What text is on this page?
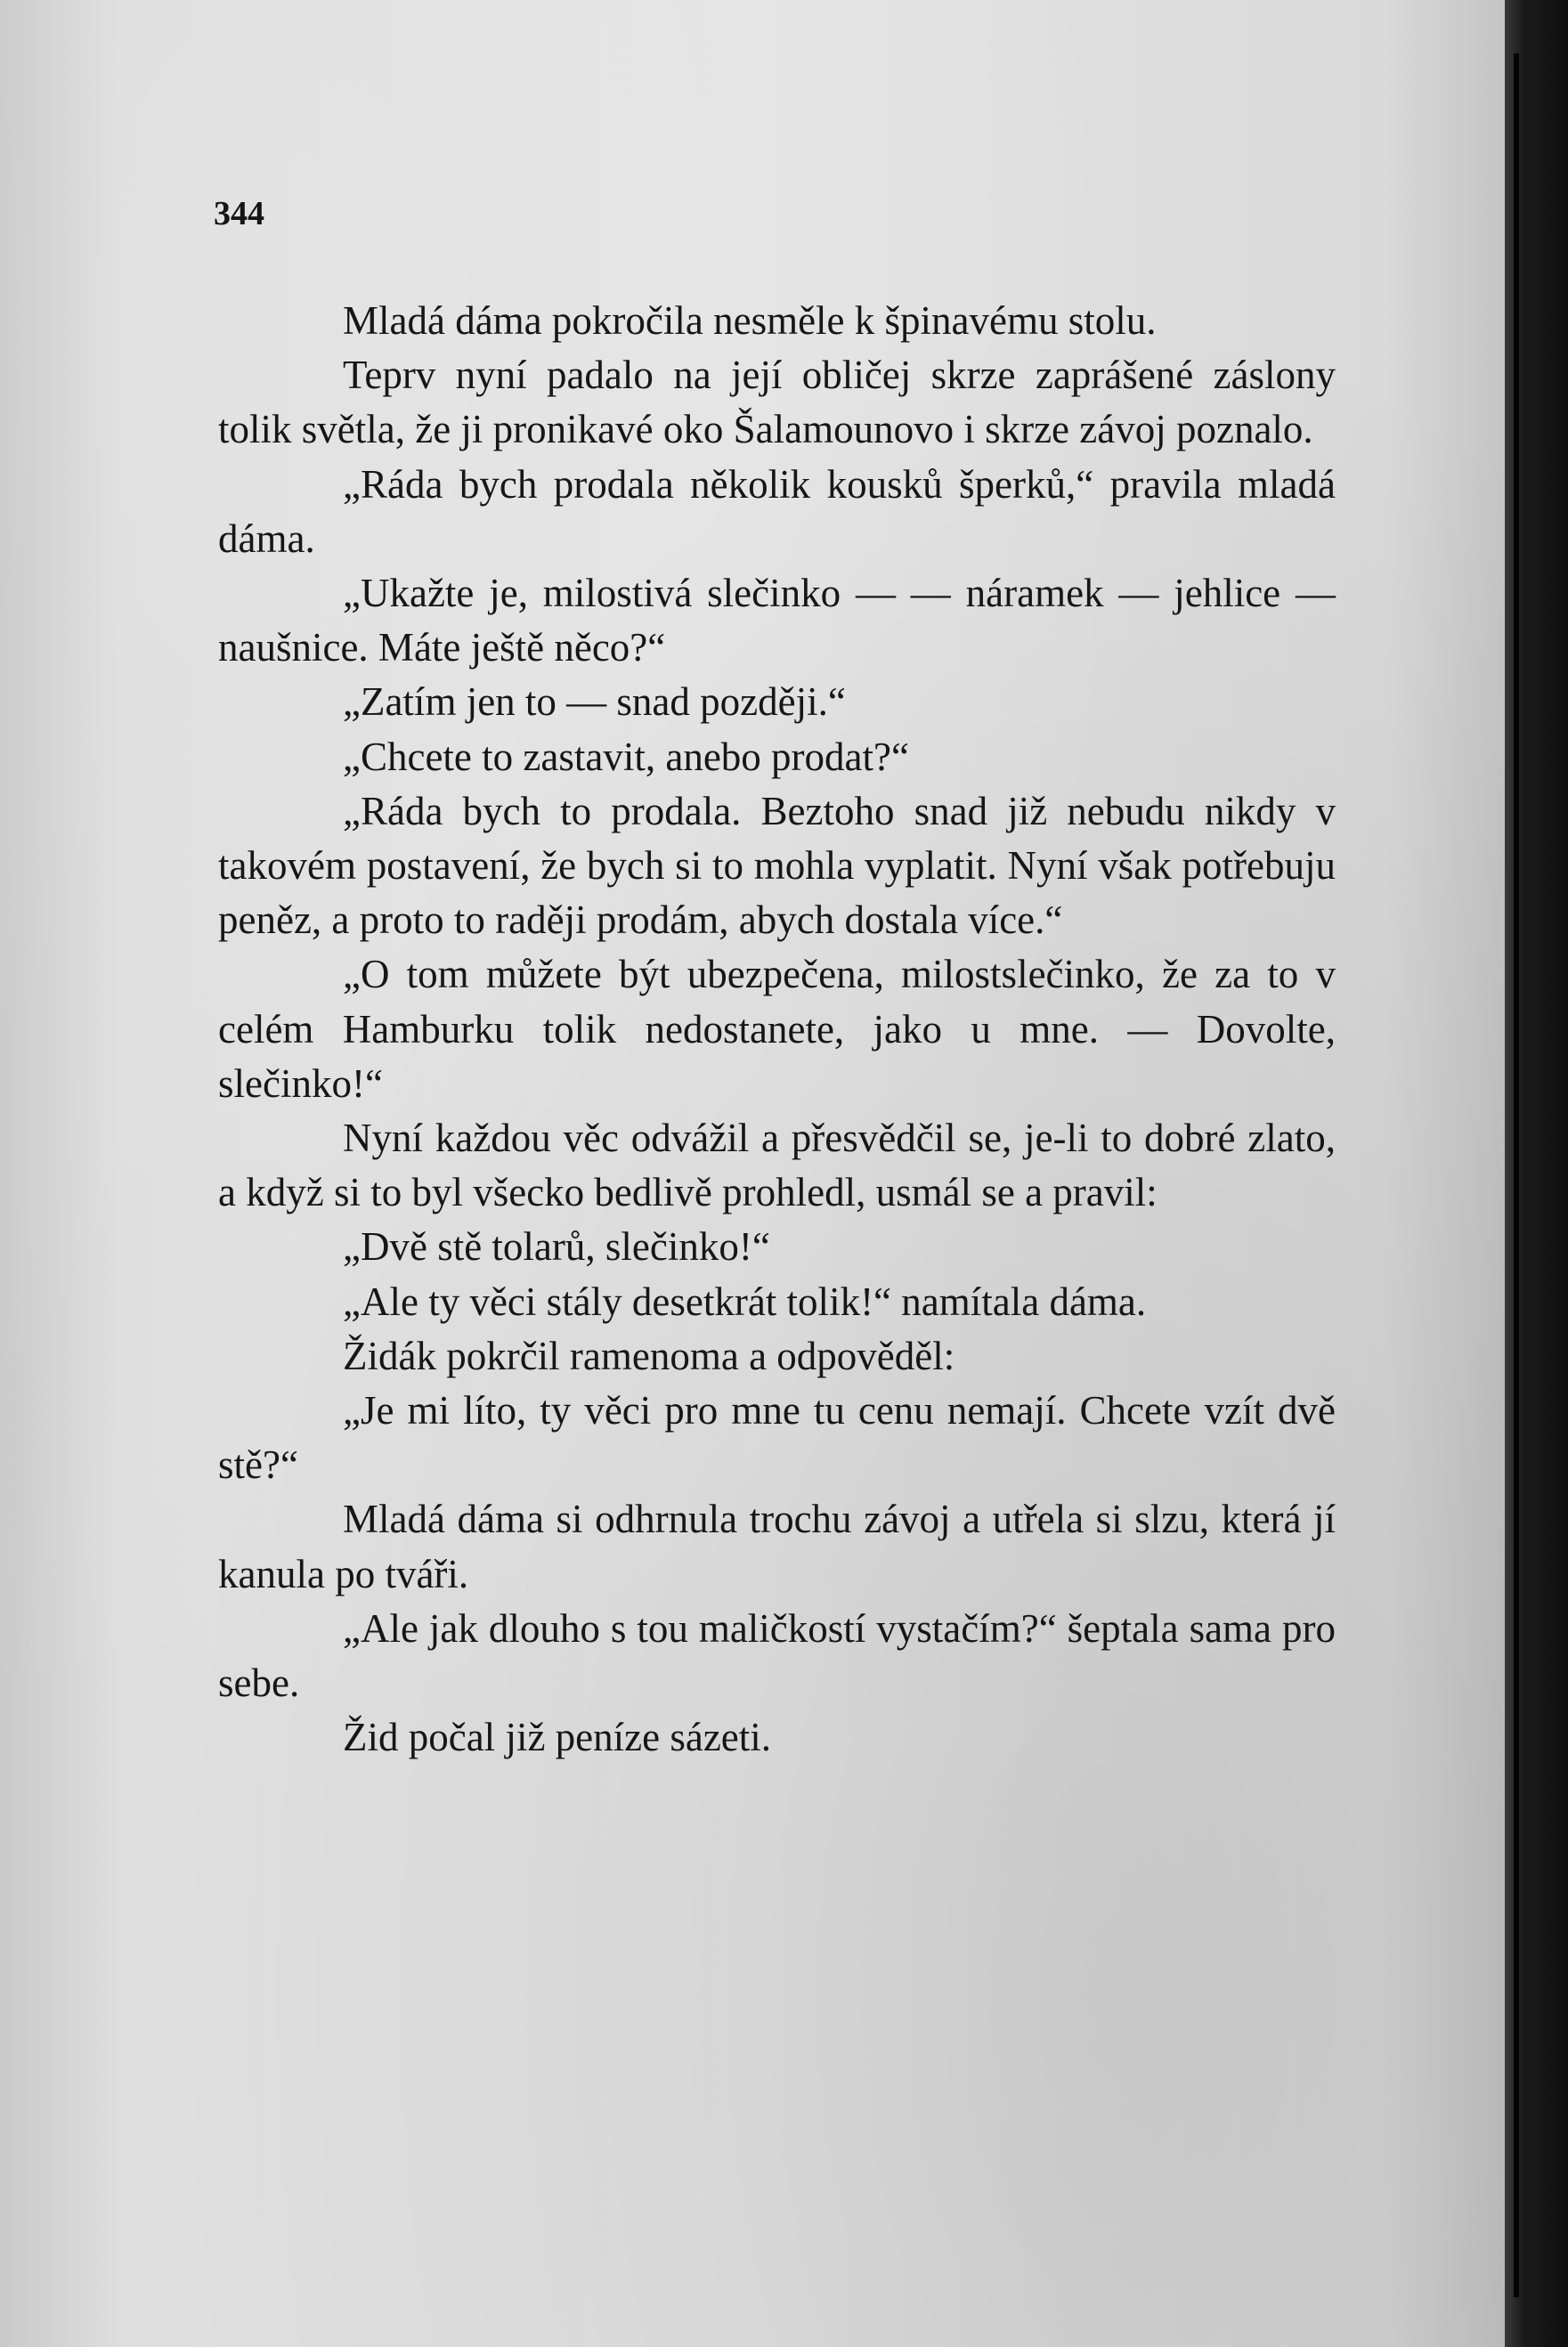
344

Mladá dáma pokročila nesměle k špinavému stolu.

Teprv nyní padalo na její obličej skrze zaprášené záslony tolik světla, že ji pronikavé oko Šalamounovo i skrze závoj poznalo.

„Ráda bych prodala několik kousků šperků,“ pravila mladá dáma.

„Ukažte je, milostivá slečinko — — náramek — jehlice — naušnice. Máte ještě něco?“

„Zatím jen to — snad později.“

„Chcete to zastavit, anebo prodat?“

„Ráda bych to prodala. Beztoho snad již nebudu nikdy v takovém postavení, že bych si to mohla vyplatit. Nyní však potřebuju peněz, a proto to raději prodám, abych dostala více.“

„O tom můžete být ubezpečena, milostslečinko, že za to v celém Hamburku tolik nedostanete, jako u mne. — Dovolte, slečinko!“

Nyní každou věc odvážil a přesvědčil se, je-li to dobré zlato, a když si to byl všecko bedlivě prohledl, usmál se a pravil:

„Dvě stě tolarů, slečinko!“

„Ale ty věci stály desetkrát tolik!“ namítala dáma.

Židák pokrčil ramenoma a odpověděl:

„Je mi líto, ty věci pro mne tu cenu nemají. Chcete vzít dvě stě?“

Mladá dáma si odhrnula trochu závoj a utřela si slzu, která jí kanula po tváři.

„Ale jak dlouho s tou maličkostí vystačím?“ šeptala sama pro sebe.

Žid počal již peníze sázeti.
